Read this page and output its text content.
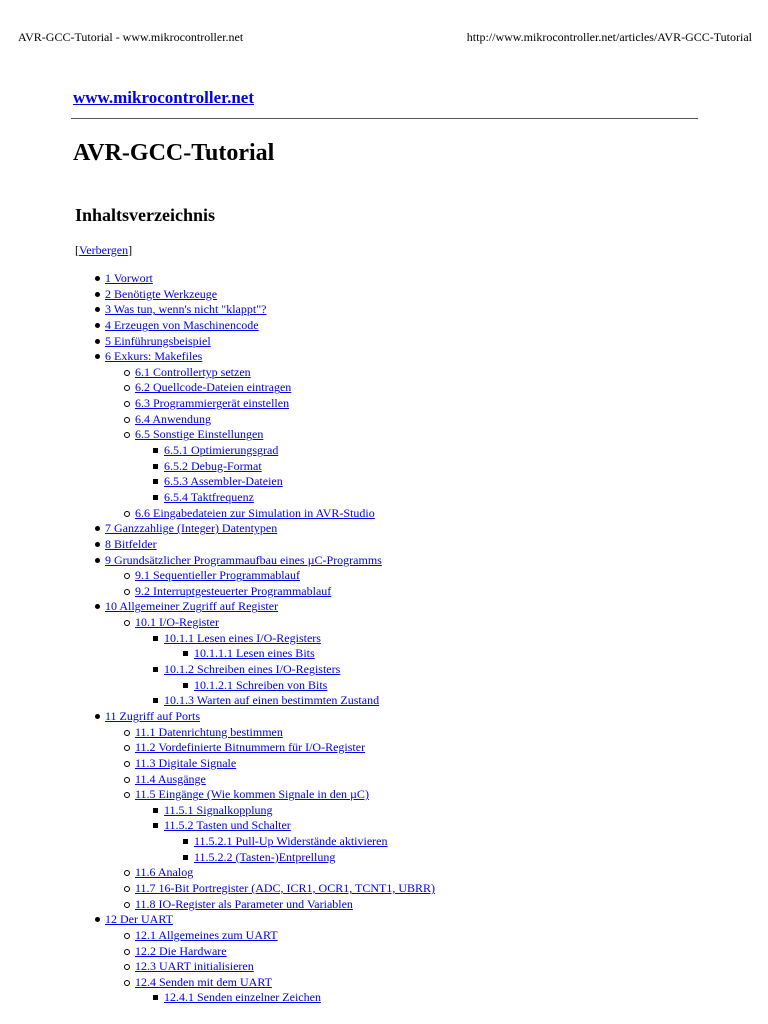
AVR-GCC-Tutorial - www.mikrocontroller.net	http://www.mikrocontroller.net/articles/AVR-GCC-Tutorial
www.mikrocontroller.net
AVR-GCC-Tutorial
Inhaltsverzeichnis
[Verbergen]
1 Vorwort
2 Benötigte Werkzeuge
3 Was tun, wenn's nicht "klappt"?
4 Erzeugen von Maschinencode
5 Einführungsbeispiel
6 Exkurs: Makefiles
6.1 Controllertyp setzen
6.2 Quellcode-Dateien eintragen
6.3 Programmiergerät einstellen
6.4 Anwendung
6.5 Sonstige Einstellungen
6.5.1 Optimierungsgrad
6.5.2 Debug-Format
6.5.3 Assembler-Dateien
6.5.4 Taktfrequenz
6.6 Eingabedateien zur Simulation in AVR-Studio
7 Ganzzahlige (Integer) Datentypen
8 Bitfelder
9 Grundsätzlicher Programmaufbau eines µC-Programms
9.1 Sequentieller Programmablauf
9.2 Interruptgesteuerter Programmablauf
10 Allgemeiner Zugriff auf Register
10.1 I/O-Register
10.1.1 Lesen eines I/O-Registers
10.1.1.1 Lesen eines Bits
10.1.2 Schreiben eines I/O-Registers
10.1.2.1 Schreiben von Bits
10.1.3 Warten auf einen bestimmten Zustand
11 Zugriff auf Ports
11.1 Datenrichtung bestimmen
11.2 Vordefinierte Bitnummern für I/O-Register
11.3 Digitale Signale
11.4 Ausgänge
11.5 Eingänge (Wie kommen Signale in den µC)
11.5.1 Signalkopplung
11.5.2 Tasten und Schalter
11.5.2.1 Pull-Up Widerstände aktivieren
11.5.2.2 (Tasten-)Entprellung
11.6 Analog
11.7 16-Bit Portregister (ADC, ICR1, OCR1, TCNT1, UBRR)
11.8 IO-Register als Parameter und Variablen
12 Der UART
12.1 Allgemeines zum UART
12.2 Die Hardware
12.3 UART initialisieren
12.4 Senden mit dem UART
12.4.1 Senden einzelner Zeichen
